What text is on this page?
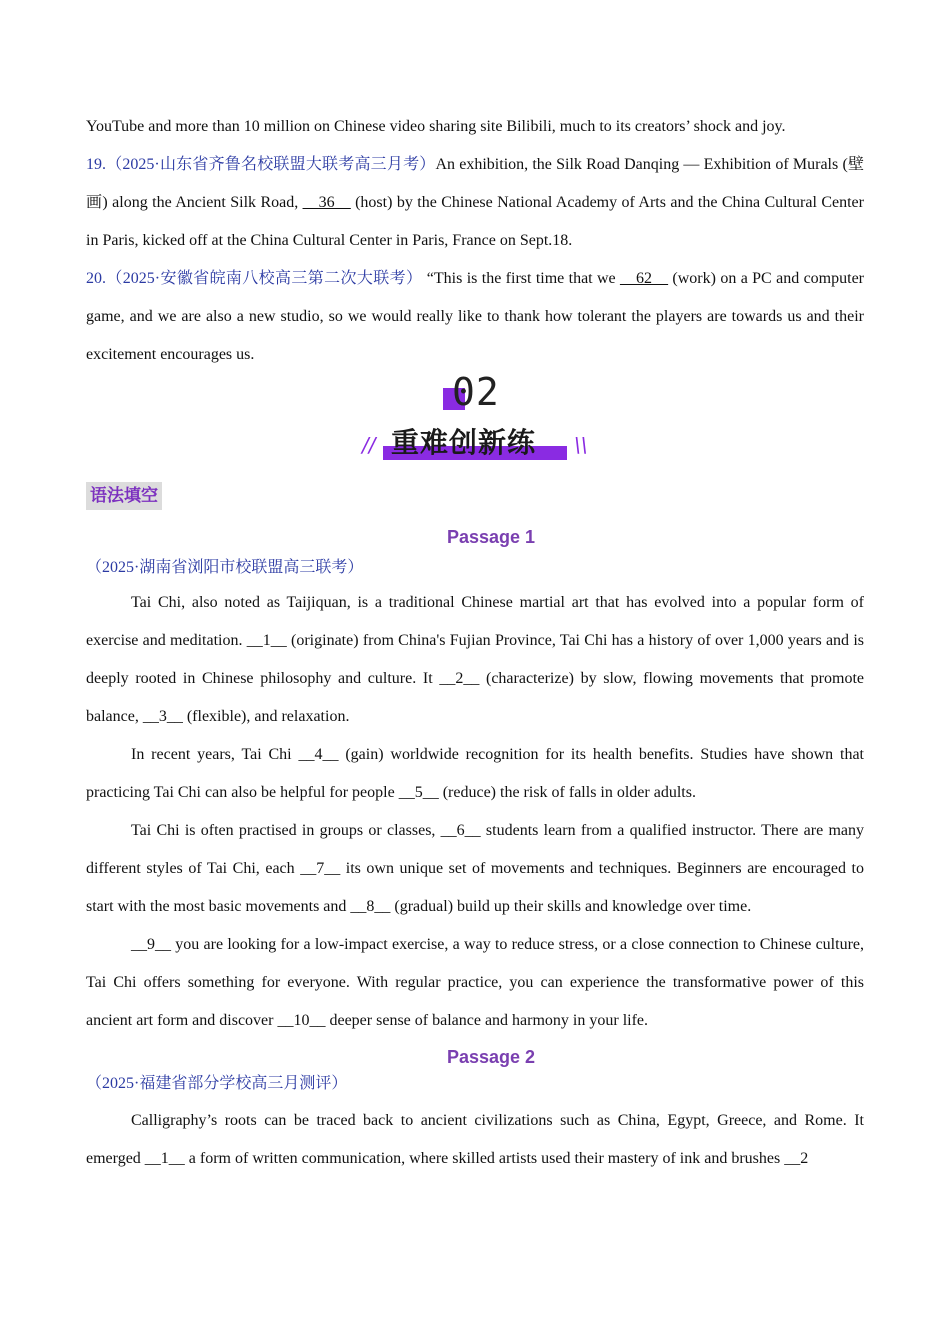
YouTube and more than 10 million on Chinese video sharing site Bilibili, much to its creators’ shock and joy.

19.（2025·山东省齐鲁名校联盟大联考高三月考）An exhibition, the Silk Road Danqing — Exhibition of Murals (壁画) along the Ancient Silk Road, __36__ (host) by the Chinese National Academy of Arts and the China Cultural Center in Paris, kicked off at the China Cultural Center in Paris, France on Sept.18.

20.（2025·安徽省皖南八校高三第二次大联考） “This is the first time that we __62__ (work) on a PC and computer game, and we are also a new studio, so we would really like to thank how tolerant the players are towards us and their excitement encourages us.

02
// 重难创新练 \\
语法填空

Passage 1

（2025·湖南省浏阳市校联盟高三联考）

Tai Chi, also noted as Taijiquan, is a traditional Chinese martial art that has evolved into a popular form of exercise and meditation. __1__ (originate) from China's Fujian Province, Tai Chi has a history of over 1,000 years and is deeply rooted in Chinese philosophy and culture. It __2__ (characterize) by slow, flowing movements that promote balance, __3__ (flexible), and relaxation.

In recent years, Tai Chi __4__ (gain) worldwide recognition for its health benefits. Studies have shown that practicing Tai Chi can also be helpful for people __5__ (reduce) the risk of falls in older adults.

Tai Chi is often practised in groups or classes, __6__ students learn from a qualified instructor. There are many different styles of Tai Chi, each __7__ its own unique set of movements and techniques. Beginners are encouraged to start with the most basic movements and __8__ (gradual) build up their skills and knowledge over time.

__9__ you are looking for a low-impact exercise, a way to reduce stress, or a close connection to Chinese culture, Tai Chi offers something for everyone. With regular practice, you can experience the transformative power of this ancient art form and discover __10__ deeper sense of balance and harmony in your life.

Passage 2

（2025·福建省部分学校高三月测评）

Calligraphy’s roots can be traced back to ancient civilizations such as China, Egypt, Greece, and Rome. It emerged __1__ a form of written communication, where skilled artists used their mastery of ink and brushes __2
